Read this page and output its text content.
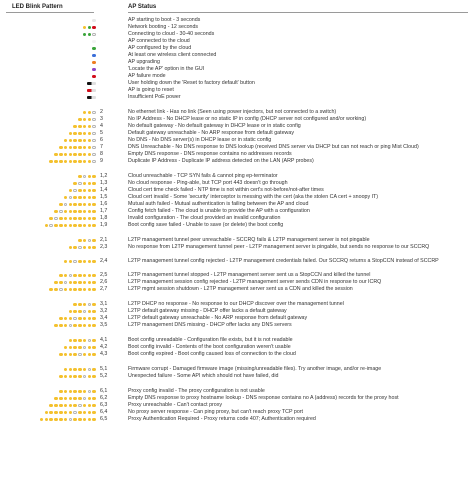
LED Blink Pattern	AP Status
AP starting to boot - 3 seconds
Network booting - 12 seconds
Connecting to cloud - 30-40 seconds
AP connected to the cloud
AP configured by the cloud
At least one wireless client connected
AP upgrading
'Locate the AP' option in the GUI
AP failure mode
User holding down the 'Reset to factory default' button
AP is going to reset
Insufficient PoE power
2	No ethernet link - Has no link (Seen using power injectors, but not connected to a switch)
3	No IP Address - No DHCP lease or no static IP in config (DHCP server not configured and/or working)
4	No default gateway - No default gateway in DHCP lease or in static config
5	Default gateway unreachable - No ARP response from default gateway
6	No DNS - No DNS server(s) in DHCP lease or in static config
7	DNS Unreachable - No DNS response to DNS lookup (received DNS server via DHCP but can not reach or ping Mist Cloud)
8	Empty DNS response - DNS response contains no addresses records
9	Duplicate IP Address - Duplicate IP address detected on the LAN (ARP probes)
1,2	Cloud unreachable - TCP SYN fails & cannot ping ep-terminator
1,3	No cloud response - Ping-able, but TCP port 443 doesn't go through
1,4	Cloud cert time check failed - NTP time is not within cert's not-before/not-after times
1,5	Cloud cert invalid - Some 'security' interceptor is messing with the cert (aka the stolen CA cert + snoopy IT)
1,6	Mutual auth failed - Mutual authentication is failing between the AP and cloud
1,7	Config fetch failed - The cloud is unable to provide the AP with a configuration
1,8	Invalid configuration - The cloud provided an invalid configuration
1,9	Boot config save failed - Unable to save (or delete) the boot config
2,1	L2TP management tunnel peer unreachable - SCCRQ fails & L2TP management server is not pingable
2,3	No response from L2TP management tunnel peer - L2TP management server is pingable, but sends no response to our SCCRQ
2,4	L2TP management tunnel config rejected - L2TP management credentials failed. Our SCCRQ returns a StopCCN instead of SCCRP
2,5	L2TP management tunnel stopped - L2TP management server sent us a StopCCN and killed the tunnel
2,6	L2TP management session config rejected - L2TP management server sends CDN in response to our ICRQ
2,7	L2TP mgmt session shutdown - L2TP management server sent us a CDN and killed the session
3,1	L2TP DHCP no response - No response to our DHCP discover over the management tunnel
3,2	L2TP default gateway missing - DHCP offer lacks a default gateway
3,4	L2TP default gateway unreachable - No ARP response from default gateway
3,5	L2TP management DNS missing - DHCP offer lacks any DNS servers
4,1	Boot config unreadable - Configuration file exists, but it is not readable
4,2	Boot config invalid - Contents of the boot configuration weren't usable
4,3	Boot config expired - Boot config caused loss of connection to the cloud
5,1	Firmware corrupt - Damaged firmware image (missing/unreadable files). Try another image, and/or re-image
5,2	Unexpected failure - Some API which should not have failed, did
6,1	Proxy config invalid - The proxy configuration is not usable
6,2	Empty DNS response to proxy hostname lookup - DNS response contains no A (address) records for the proxy host
6,3	Proxy unreachable - Can't contact proxy
6,4	No proxy server response - Can ping proxy, but can't reach proxy TCP port
6,5	Proxy Authentication Required - Proxy returns code 407; Authentication required
